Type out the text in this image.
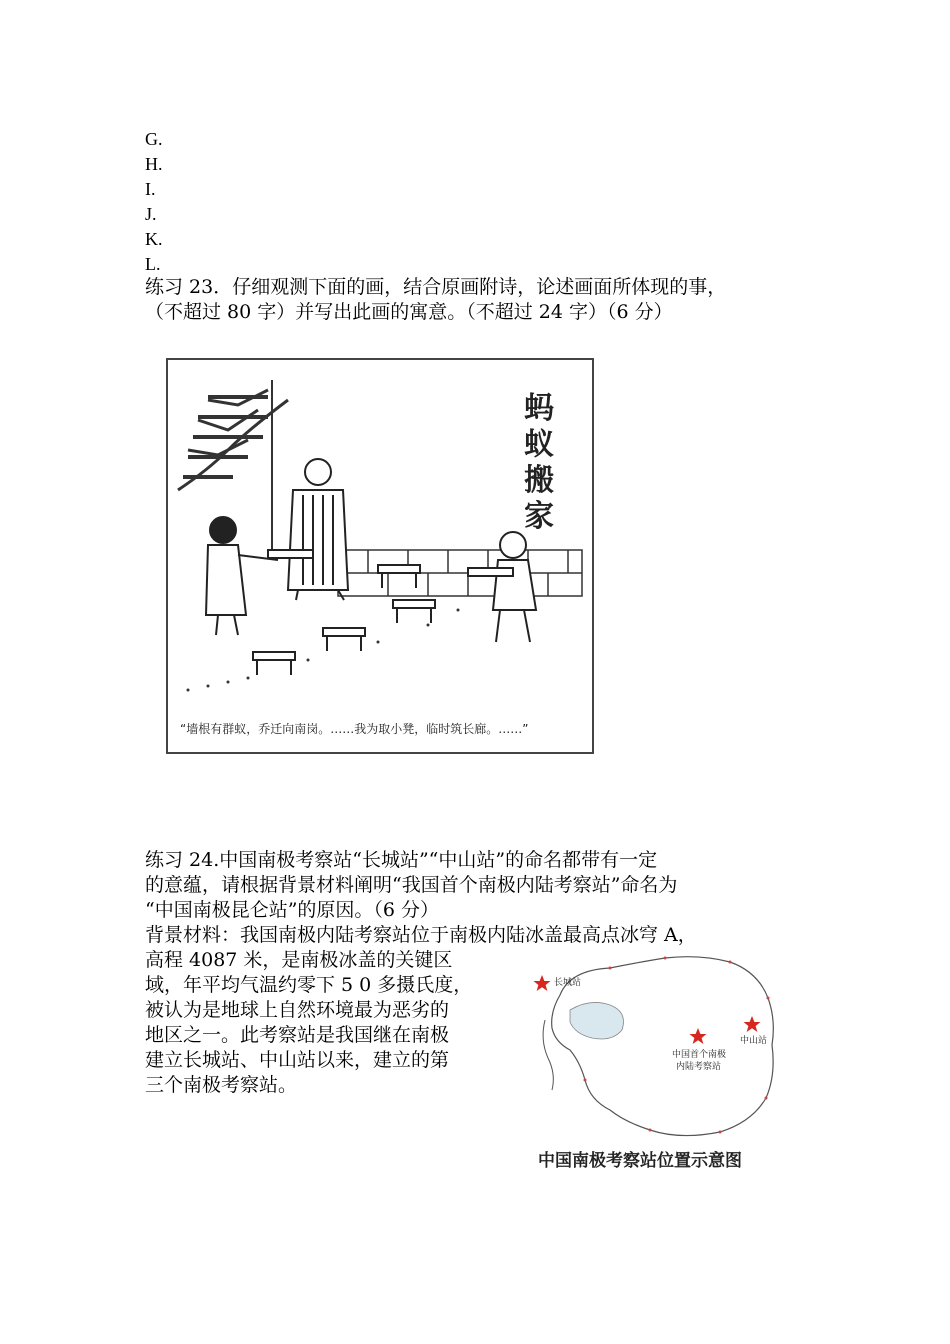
G.
H.
I.
J.
K.
L.
练习 23．仔细观测下面的画，结合原画附诗，论述画面所体现的事，
（不超过 80 字）并写出此画的寓意。（不超过 24 字）（6 分）
蚂
蚁
搬
家
“墙根有群蚁，乔迁向南岗。……我为取小凳，临时筑长廊。……”
练习 24.中国南极考察站“长城站”“中山站”的命名都带有一定
的意蕴，请根据背景材料阐明“我国首个南极内陆考察站”命名为
“中国南极昆仑站”的原因。（6 分）
背景材料：我国南极内陆考察站位于南极内陆冰盖最高点冰穹 A，
高程 4087 米，是南极冰盖的关键区
域，年平均气温约零下 5 0 多摄氏度，
被认为是地球上自然环境最为恶劣的
地区之一。此考察站是我国继在南极
建立长城站、中山站以来，建立的第
三个南极考察站。
长城站
中山站
中国首个南极
内陆考察站
中国南极考察站位置示意图
